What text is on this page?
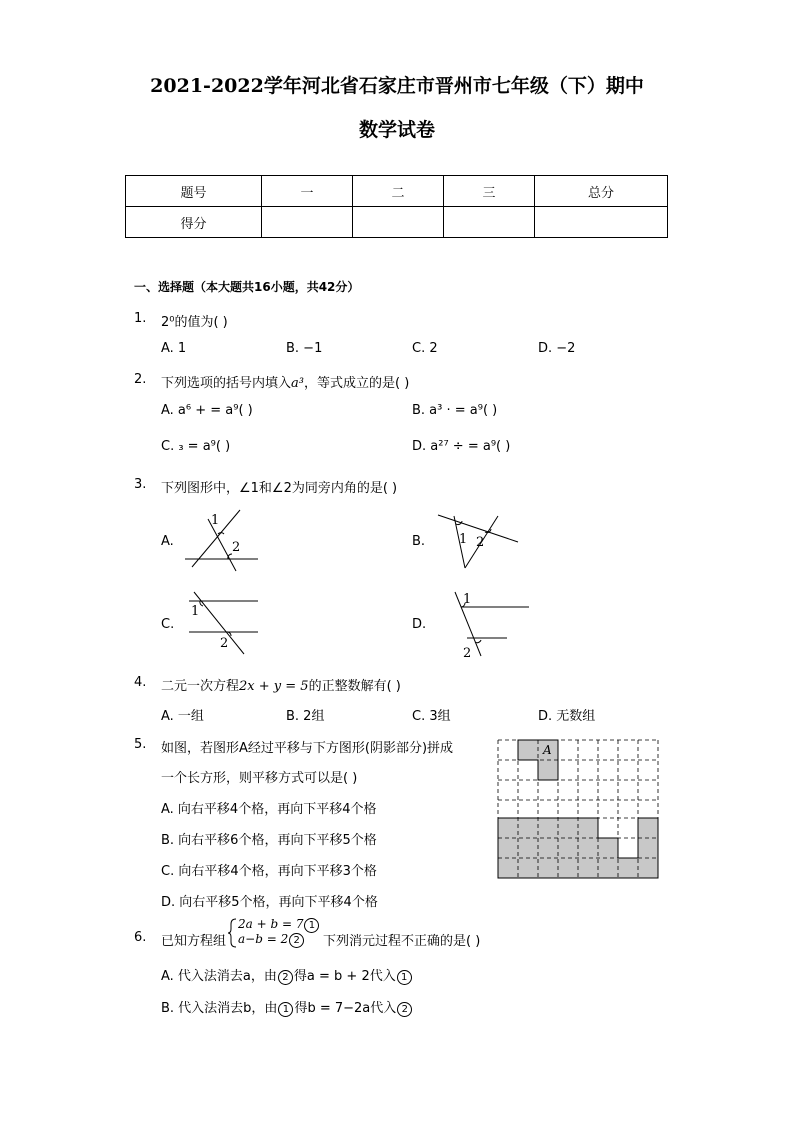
2021-2022学年河北省石家庄市晋州市七年级（下）期中
数学试卷
题号	一	二	三	总分
得分				
一、选择题（本大题共16小题，共42分）
1. 2⁰的值为( )
A. 1	B. −1	C. 2	D. −2
2. 下列选项的括号内填入a³，等式成立的是( )
A. a⁶ + = a⁹( )	B. a³ · = a⁹( )
C. ₃ = a⁹( )	D. a²⁷ ÷ = a⁹( )
3. 下列图形中，∠1和∠2为同旁内角的是( )
A.
1
2	B.	1 2
C.
1
2
D.
1
2
4. 二元一次方程2x + y = 5的正整数解有( )
A. 一组	B. 2组	C. 3组	D. 无数组
5. 如图，若图形A经过平移与下方图形(阴影部分)拼成
一个长方形，则平移方式可以是( )
A. 向右平移4个格，再向下平移4个格
B. 向右平移6个格，再向下平移5个格
C. 向右平移4个格，再向下平移3个格
D. 向右平移5个格，再向下平移4个格
A
6. 已知方程组
2a + b = 7 1
a−b = 2 2	下列消元过程不正确的是( )
A. 代入法消去a，由 2 得a = b + 2代入 1
B. 代入法消去b，由 1 得b = 7−2a代入 2
